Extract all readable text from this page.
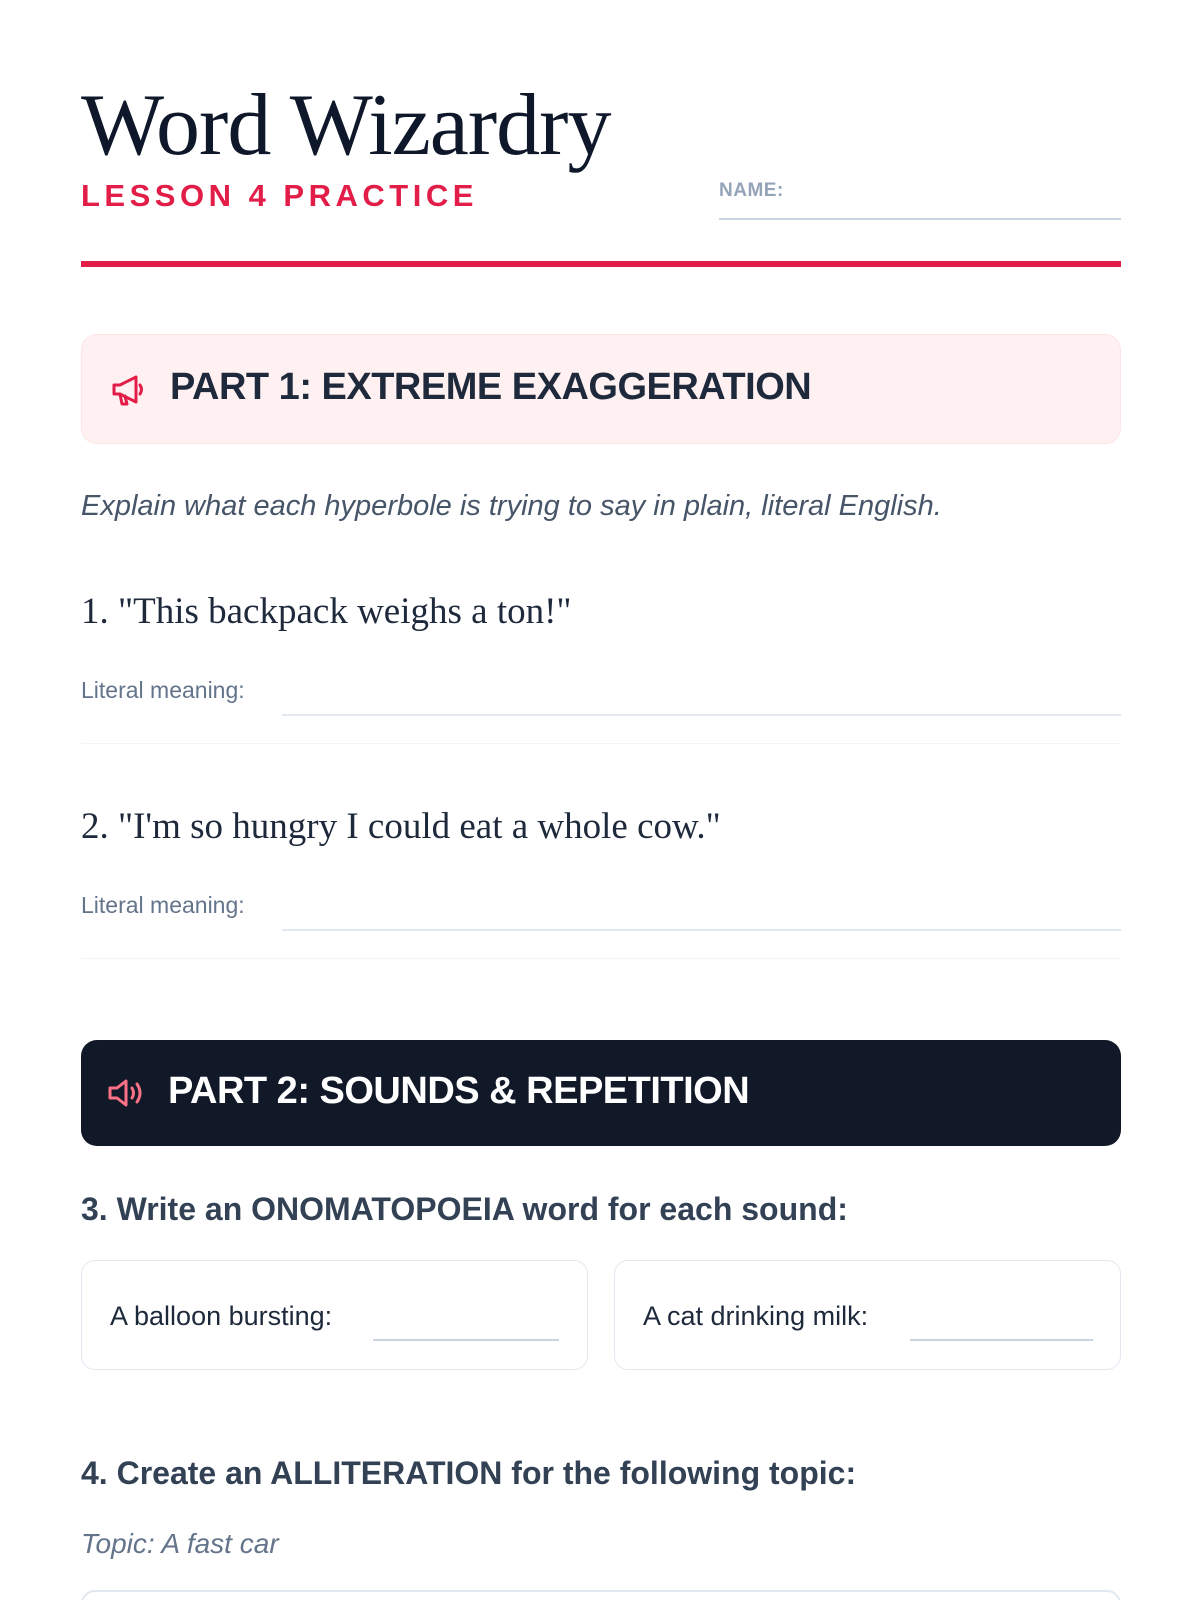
Word Wizardry
LESSON 4 PRACTICE	NAME:
PART 1: EXTREME EXAGGERATION

Explain what each hyperbole is trying to say in plain, literal English.

1. "This backpack weighs a ton!"
Literal meaning:
2. "I'm so hungry I could eat a whole cow."
Literal meaning:
PART 2: SOUNDS & REPETITION
3. Write an ONOMATOPOEIA word for each sound:
A balloon bursting:	A cat drinking milk:
4. Create an ALLITERATION for the following topic:
Topic: A fast car
